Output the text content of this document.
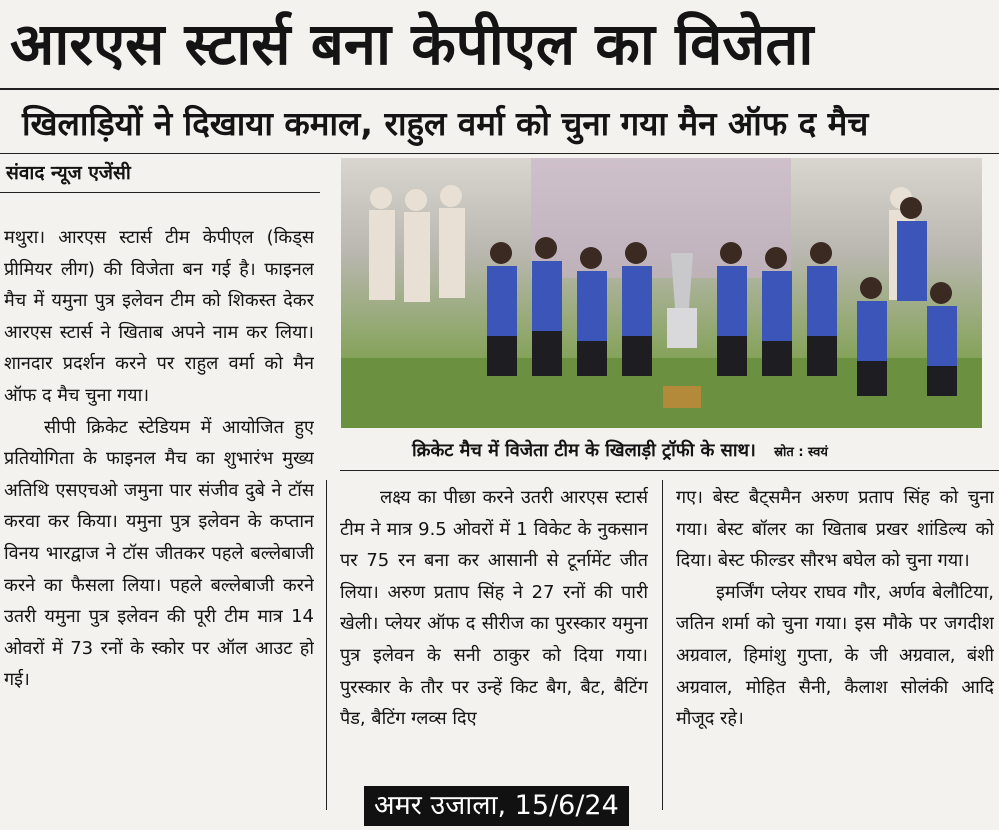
आरएस स्टार्स बना केपीएल का विजेता
खिलाड़ियों ने दिखाया कमाल, राहुल वर्मा को चुना गया मैन ऑफ द मैच
संवाद न्यूज एजेंसी

मथुरा। आरएस स्टार्स टीम केपीएल (किड्स प्रीमियर लीग) की विजेता बन गई है। फाइनल मैच में यमुना पुत्र इलेवन टीम को शिकस्त देकर आरएस स्टार्स ने खिताब अपने नाम कर लिया। शानदार प्रदर्शन करने पर राहुल वर्मा को मैन ऑफ द मैच चुना गया।

सीपी क्रिकेट स्टेडियम में आयोजित हुए प्रतियोगिता के फाइनल मैच का शुभारंभ मुख्य अतिथि एसएचओ जमुना पार संजीव दुबे ने टॉस करवा कर किया। यमुना पुत्र इलेवन के कप्तान विनय भारद्वाज ने टॉस जीतकर पहले बल्लेबाजी करने का फैसला लिया। पहले बल्लेबाजी करने उतरी यमुना पुत्र इलेवन की पूरी टीम मात्र 14 ओवरों में 73 रनों के स्कोर पर ऑल आउट हो गई।

क्रिकेट मैच में विजेता टीम के खिलाड़ी ट्रॉफी के साथ। स्रोत : स्वयं

लक्ष्य का पीछा करने उतरी आरएस स्टार्स टीम ने मात्र 9.5 ओवरों में 1 विकेट के नुकसान पर 75 रन बना कर आसानी से टूर्नामेंट जीत लिया। अरुण प्रताप सिंह ने 27 रनों की पारी खेली। प्लेयर ऑफ द सीरीज का पुरस्कार यमुना पुत्र इलेवन के सनी ठाकुर को दिया गया। पुरस्कार के तौर पर उन्हें किट बैग, बैट, बैटिंग पैड, बैटिंग ग्लव्स दिए

गए। बेस्ट बैट्समैन अरुण प्रताप सिंह को चुना गया। बेस्ट बॉलर का खिताब प्रखर शांडिल्य को दिया। बेस्ट फील्डर सौरभ बघेल को चुना गया।

इमर्जिंग प्लेयर राघव गौर, अर्णव बेलौटिया, जतिन शर्मा को चुना गया। इस मौके पर जगदीश अग्रवाल, हिमांशु गुप्ता, के जी अग्रवाल, बंशी अग्रवाल, मोहित सैनी, कैलाश सोलंकी आदि मौजूद रहे।

अमर उजाला, 15/6/24
